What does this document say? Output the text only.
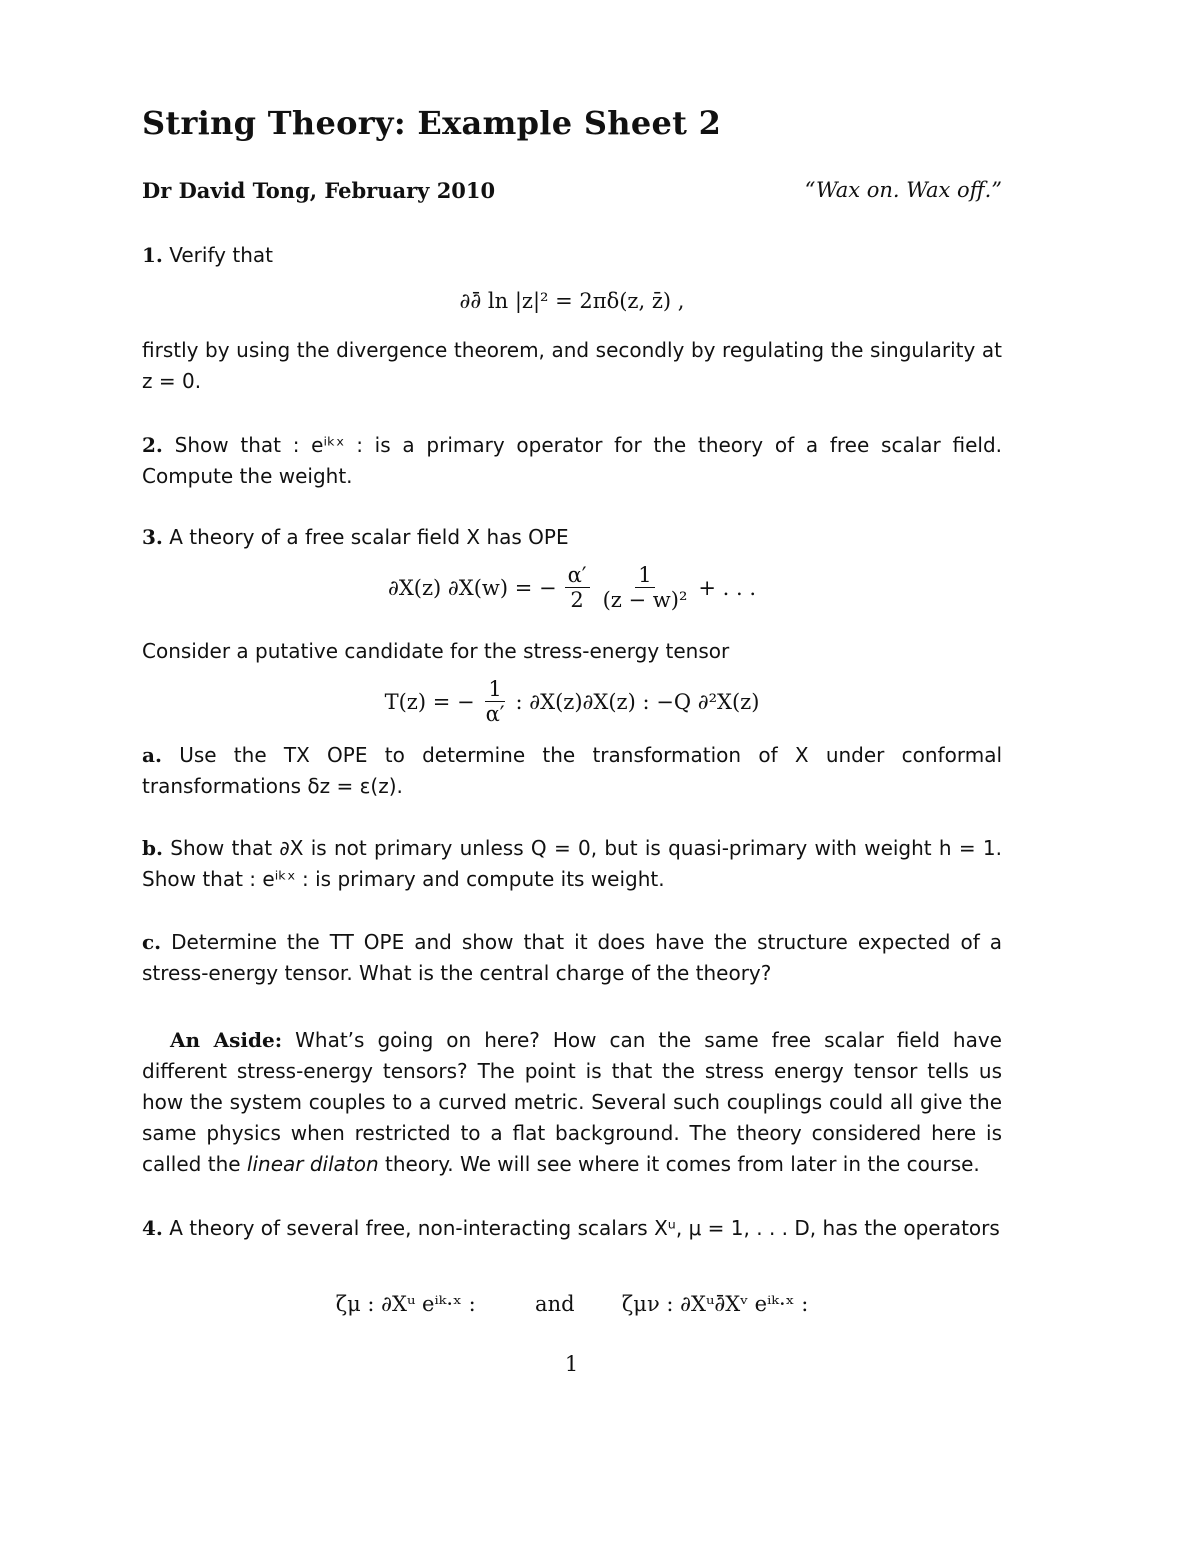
String Theory: Example Sheet 2
Dr David Tong, February 2010	“Wax on. Wax off.”
1. Verify that
∂∂̄ ln |z|² = 2πδ(z, z̄) ,
firstly by using the divergence theorem, and secondly by regulating the singularity at z = 0.
2. Show that : eⁱᵏˣ : is a primary operator for the theory of a free scalar field. Compute the weight.
3. A theory of a free scalar field X has OPE
∂X(z) ∂X(w) = − $\frac{\alpha'}{2} \frac{1}{\text{(z − w)²}}$ + . . .
Consider a putative candidate for the stress-energy tensor
T(z) = − $\frac{1}{\alpha'}$ : ∂X(z)∂X(z) : −Q ∂²X(z)
a. Use the TX OPE to determine the transformation of X under conformal transformations δz = ε(z).
b. Show that ∂X is not primary unless Q = 0, but is quasi-primary with weight h = 1. Show that : eⁱᵏˣ : is primary and compute its weight.
c. Determine the TT OPE and show that it does have the structure expected of a stress-energy tensor. What is the central charge of the theory?
An Aside: What’s going on here? How can the same free scalar field have different stress-energy tensors? The point is that the stress energy tensor tells us how the system couples to a curved metric. Several such couplings could all give the same physics when restricted to a flat background. The theory considered here is called the linear dilaton theory. We will see where it comes from later in the course.
4. A theory of several free, non-interacting scalars Xᵘ, μ = 1, . . . D, has the operators
ζμ : ∂Xᵘ eⁱᵏ·ˣ :	and ζμν : ∂Xᵘ∂̄Xᵛ eⁱᵏ·ˣ :
1
